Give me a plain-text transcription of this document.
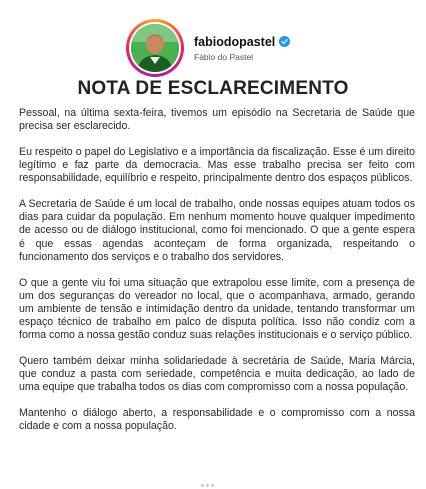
fabiodopastel
Fábio do Pastel
NOTA DE ESCLARECIMENTO

Pessoal, na última sexta-feira, tivemos um episódio na Secretaria de Saúde que precisa ser esclarecido.

Eu respeito o papel do Legislativo e a importância da fiscalização. Esse é um direito legítimo e faz parte da democracia. Mas esse trabalho precisa ser feito com responsabilidade, equilíbrio e respeito, principalmente dentro dos espaços públicos.

A Secretaria de Saúde é um local de trabalho, onde nossas equipes atuam todos os dias para cuidar da população. Em nenhum momento houve qualquer impedimento de acesso ou de diálogo institucional, como foi mencionado. O que a gente espera é que essas agendas aconteçam de forma organizada, respeitando o funcionamento dos serviços e o trabalho dos servidores.

O que a gente viu foi uma situação que extrapolou esse limite, com a presença de um dos seguranças do vereador no local, que o acompanhava, armado, gerando um ambiente de tensão e intimidação dentro da unidade, tentando transformar um espaço técnico de trabalho em palco de disputa política. Isso não condiz com a forma como a nossa gestão conduz suas relações institucionais e o serviço público.

Quero também deixar minha solidariedade à secretária de Saúde, Maria Márcia, que conduz a pasta com seriedade, competência e muita dedicação, ao lado de uma equipe que trabalha todos os dias com compromisso com a nossa população.

Mantenho o diálogo aberto, a responsabilidade e o compromisso com a nossa cidade e com a nossa população.
